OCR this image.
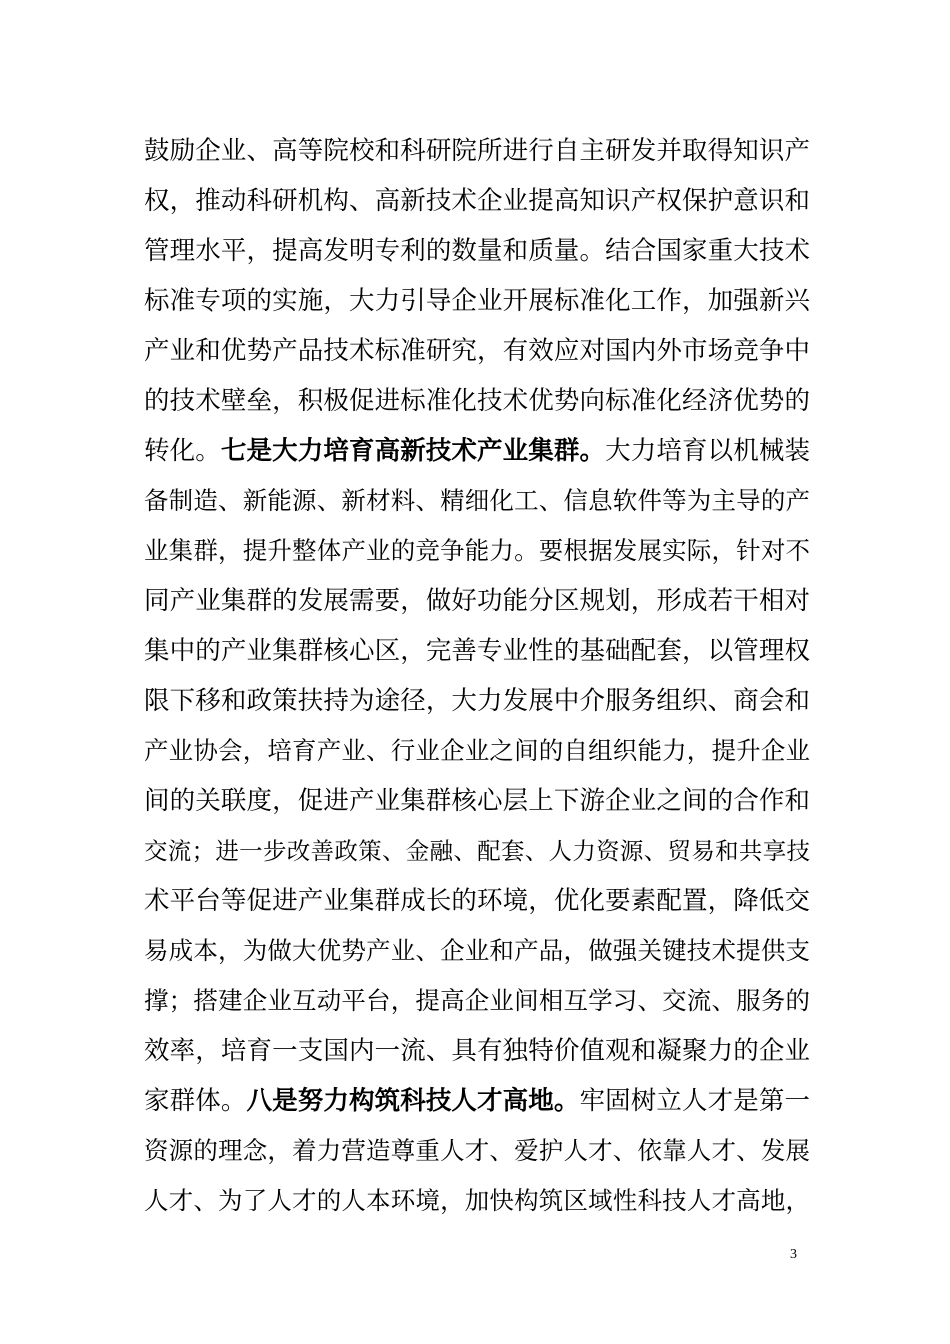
鼓励企业、高等院校和科研院所进行自主研发并取得知识产
权，推动科研机构、高新技术企业提高知识产权保护意识和
管理水平，提高发明专利的数量和质量。结合国家重大技术
标准专项的实施，大力引导企业开展标准化工作，加强新兴
产业和优势产品技术标准研究，有效应对国内外市场竞争中
的技术壁垒，积极促进标准化技术优势向标准化经济优势的
转化。七是大力培育高新技术产业集群。大力培育以机械装
备制造、新能源、新材料、精细化工、信息软件等为主导的产
业集群，提升整体产业的竞争能力。要根据发展实际，针对不
同产业集群的发展需要，做好功能分区规划，形成若干相对
集中的产业集群核心区，完善专业性的基础配套，以管理权
限下移和政策扶持为途径，大力发展中介服务组织、商会和
产业协会，培育产业、行业企业之间的自组织能力，提升企业
间的关联度，促进产业集群核心层上下游企业之间的合作和
交流；进一步改善政策、金融、配套、人力资源、贸易和共享技
术平台等促进产业集群成长的环境，优化要素配置，降低交
易成本，为做大优势产业、企业和产品，做强关键技术提供支
撑；搭建企业互动平台，提高企业间相互学习、交流、服务的
效率，培育一支国内一流、具有独特价值观和凝聚力的企业
家群体。八是努力构筑科技人才高地。牢固树立人才是第一
资源的理念，着力营造尊重人才、爱护人才、依靠人才、发展
人才、为了人才的人本环境，加快构筑区域性科技人才高地，
3
